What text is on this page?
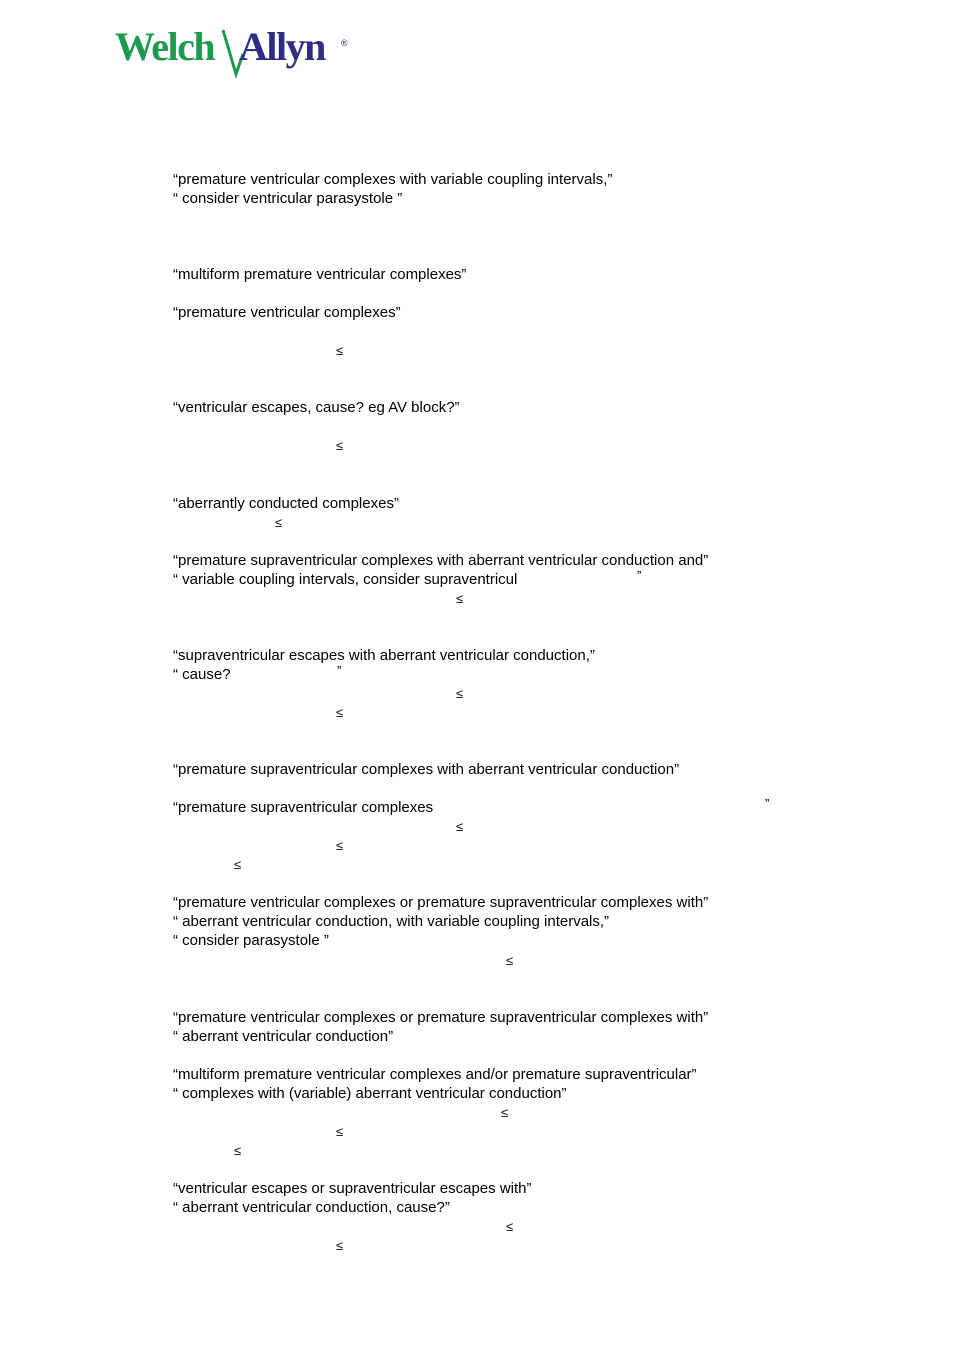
Welch Allyn ®
“premature ventricular complexes with variable coupling intervals,”
“ consider ventricular parasystole ”
“multiform premature ventricular complexes”
“premature ventricular complexes”
≤
“ventricular escapes, cause? eg AV block?”
≤
“aberrantly conducted complexes”
≤
“premature supraventricular complexes with aberrant ventricular conduction and”
“ variable coupling intervals, consider supraventricul	”
≤
“supraventricular escapes with aberrant ventricular conduction,”
“ cause?	”
≤
≤
“premature supraventricular complexes with aberrant ventricular conduction”
“premature supraventricular complexes	”
≤
≤
≤
“premature ventricular complexes or premature supraventricular complexes with”
“ aberrant ventricular conduction, with variable coupling intervals,”
“ consider parasystole ”
≤
“premature ventricular complexes or premature supraventricular complexes with”
“ aberrant ventricular conduction”
“multiform premature ventricular complexes and/or premature supraventricular”
“ complexes with (variable) aberrant ventricular conduction”
≤
≤
≤
“ventricular escapes or supraventricular escapes with”
“ aberrant ventricular conduction, cause?”
≤
≤
